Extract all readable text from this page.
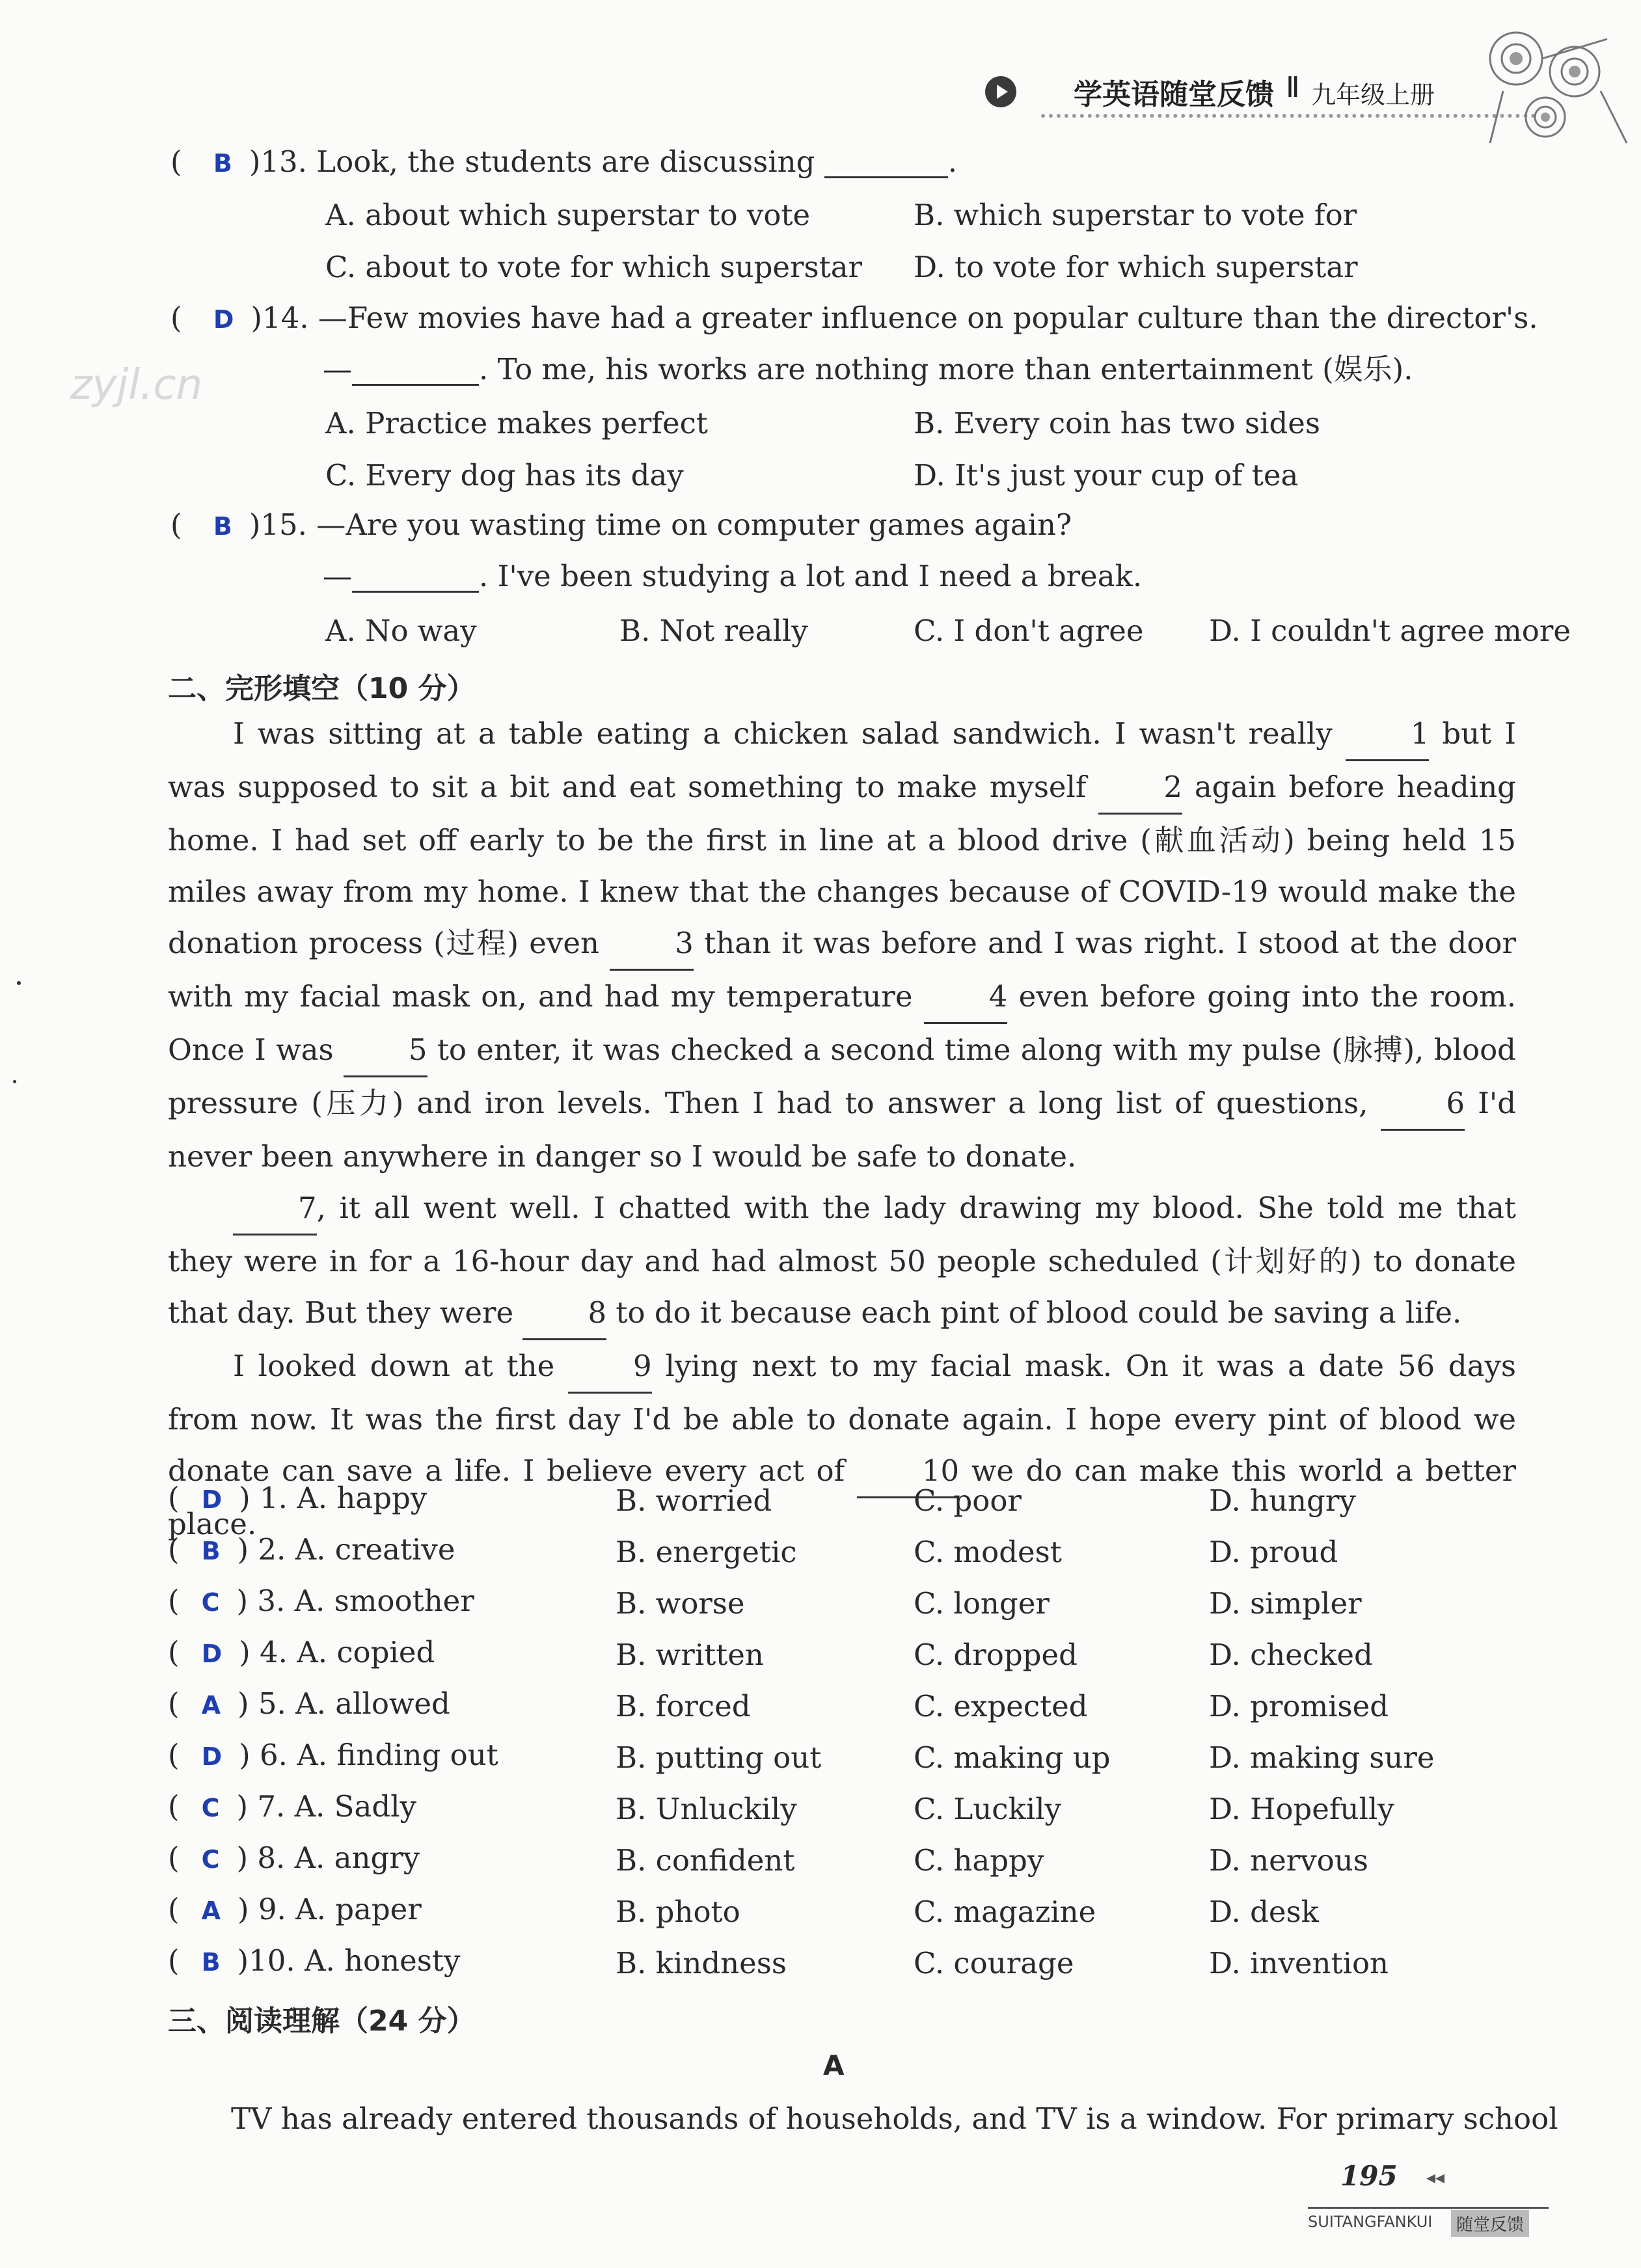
学英语随堂反馈 Ⅱ 九年级上册
zyjl.cn
( B )13. Look, the students are discussing	.
A. about which superstar to vote	B. which superstar to vote for
C. about to vote for which superstar D. to vote for which superstar
( D )14. —Few movies have had a greater influence on popular culture than the director's.
—	. To me, his works are nothing more than entertainment (娱乐).
A. Practice makes perfect	B. Every coin has two sides
C. Every dog has its day	D. It's just your cup of tea
( B )15. —Are you wasting time on computer games again?
—	. I've been studying a lot and I need a break.
A. No way	B. Not really	C. I don't agree D. I couldn't agree more
二、完形填空（10 分）

I was sitting at a table eating a chicken salad sandwich. I wasn't really	1 but I was supposed to sit a bit and eat something to make myself	2 again before heading home. I had set off early to be the first in line at a blood drive (献血活动) being held 15 miles away from my home. I knew that the changes because of COVID-19 would make the donation process (过程) even	3 than it was before and I was right. I stood at the door with my facial mask on, and had my temperature	4 even before going into the room. Once I was	5 to enter, it was checked a second time along with my pulse (脉搏), blood pressure (压力) and iron levels. Then I had to answer a long list of questions,	6 I'd never been anywhere in danger so I would be safe to donate.

7, it all went well. I chatted with the lady drawing my blood. She told me that they were in for a 16-hour day and had almost 50 people scheduled (计划好的) to donate that day. But they were	8 to do it because each pint of blood could be saving a life.

I looked down at the	9 lying next to my facial mask. On it was a date 56 days from now. It was the first day I'd be able to donate again. I hope every pint of blood we donate can save a life. I believe every act of	10 we do can make this world a better place.

( D ) 1. A. happy	B. worried	C. poor	D. hungry
( B ) 2. A. creative	B. energetic	C. modest	D. proud
( C ) 3. A. smoother	B. worse	C. longer	D. simpler
( D ) 4. A. copied	B. written	C. dropped	D. checked
( A ) 5. A. allowed	B. forced	C. expected	D. promised
( D ) 6. A. finding out	B. putting out	C. making up	D. making sure
( C ) 7. A. Sadly	B. Unluckily	C. Luckily	D. Hopefully
( C ) 8. A. angry	B. confident	C. happy	D. nervous
( A ) 9. A. paper	B. photo	C. magazine	D. desk
( B )10. A. honesty	B. kindness	C. courage	D. invention
三、阅读理解（24 分）
A
TV has already entered thousands of households, and TV is a window. For primary school
195 ◂◂
SUITANGFANKUI	随堂反馈
